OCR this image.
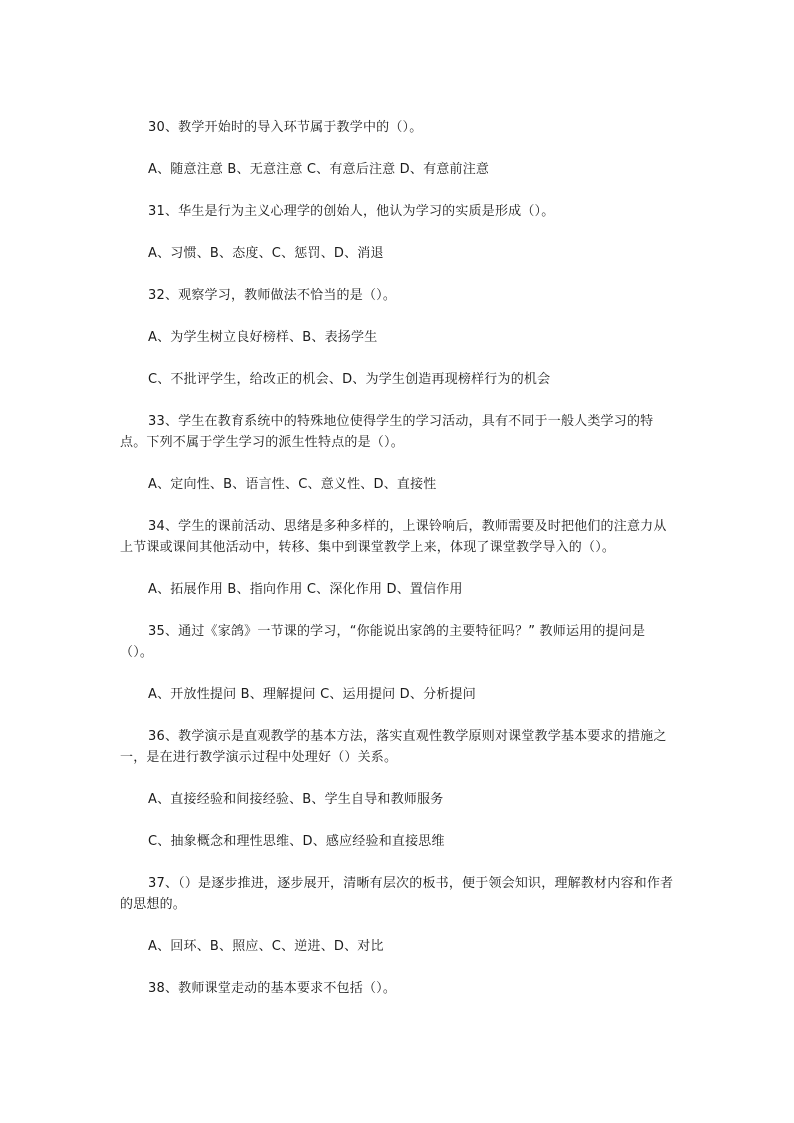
30、教学开始时的导入环节属于教学中的（）。

A、随意注意 B、无意注意 C、有意后注意 D、有意前注意

31、华生是行为主义心理学的创始人，他认为学习的实质是形成（）。

A、习惯、B、态度、C、惩罚、D、消退

32、观察学习，教师做法不恰当的是（）。

A、为学生树立良好榜样、B、表扬学生

C、不批评学生，给改正的机会、D、为学生创造再现榜样行为的机会

33、学生在教育系统中的特殊地位使得学生的学习活动，具有不同于一般人类学习的特点。下列不属于学生学习的派生性特点的是（）。

A、定向性、B、语言性、C、意义性、D、直接性

34、学生的课前活动、思绪是多种多样的，上课铃响后，教师需要及时把他们的注意力从上节课或课间其他活动中，转移、集中到课堂教学上来，体现了课堂教学导入的（）。

A、拓展作用 B、指向作用 C、深化作用 D、置信作用

35、通过《家鸽》一节课的学习，“你能说出家鸽的主要特征吗？” 教师运用的提问是（）。

A、开放性提问 B、理解提问 C、运用提问 D、分析提问

36、教学演示是直观教学的基本方法，落实直观性教学原则对课堂教学基本要求的措施之一，是在进行教学演示过程中处理好（）关系。

A、直接经验和间接经验、B、学生自导和教师服务

C、抽象概念和理性思维、D、感应经验和直接思维

37、（）是逐步推进，逐步展开，清晰有层次的板书，便于领会知识，理解教材内容和作者的思想的。

A、回环、B、照应、C、逆进、D、对比

38、教师课堂走动的基本要求不包括（）。
